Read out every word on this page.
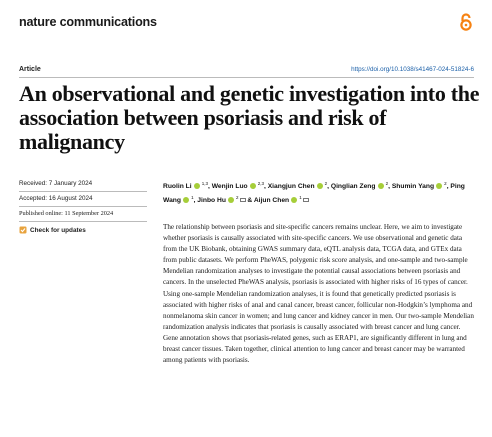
nature communications
Article	https://doi.org/10.1038/s41467-024-51824-6
An observational and genetic investigation into the association between psoriasis and risk of malignancy
Received: 7 January 2024
Accepted: 16 August 2024
Published online: 11 September 2024
Check for updates

Ruolin Li  $^{1,3}$, Wenjin Luo  $^{2,3}$, Xiangjun Chen  $^2$, Qinglian Zeng  $^2$, Shumin Yang  $^2$, Ping Wang  $^1$, Jinbo Hu  $^2$ & Aijun Chen  $^1$

The relationship between psoriasis and site-specific cancers remains unclear. Here, we aim to investigate whether psoriasis is causally associated with site-specific cancers. We use observational and genetic data from the UK Biobank, obtaining GWAS summary data, eQTL analysis data, TCGA data, and GTEx data from public datasets. We perform PheWAS, polygenic risk score analysis, and one-sample and two-sample Mendelian randomization analyses to investigate the potential causal associations between psoriasis and cancers. In the unselected PheWAS analysis, psoriasis is associated with higher risks of 16 types of cancer. Using one-sample Mendelian randomization analyses, it is found that genetically predicted psoriasis is associated with higher risks of anal and canal cancer, breast cancer, follicular non-Hodgkin’s lymphoma and nonmelanoma skin cancer in women; and lung cancer and kidney cancer in men. Our two-sample Mendelian randomization analysis indicates that psoriasis is causally associated with breast cancer and lung cancer. Gene annotation shows that psoriasis-related genes, such as ERAP1, are significantly different in lung and breast cancer tissues. Taken together, clinical attention to lung cancer and breast cancer may be warranted among patients with psoriasis.
